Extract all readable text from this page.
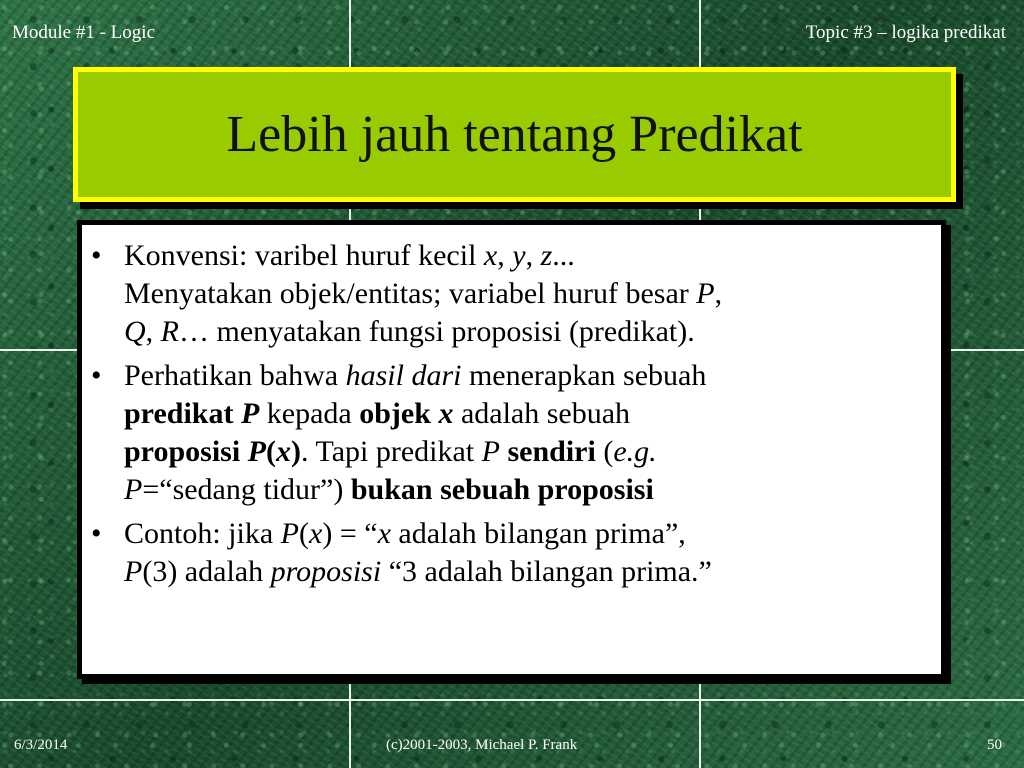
Module #1 - Logic	Topic #3 – logika predikat
Lebih jauh tentang Predikat
• Konvensi: varibel huruf kecil x, y, z...
Menyatakan objek/entitas; variabel huruf besar P,
Q, R… menyatakan fungsi proposisi (predikat).
• Perhatikan bahwa hasil dari menerapkan sebuah
predikat P kepada objek x adalah sebuah
proposisi P(x). Tapi predikat P sendiri (e.g.
P=“sedang tidur”) bukan sebuah proposisi
• Contoh: jika P(x) = “x adalah bilangan prima”,
P(3) adalah proposisi “3 adalah bilangan prima.”
6/3/2014	(c)2001-2003, Michael P. Frank	50
